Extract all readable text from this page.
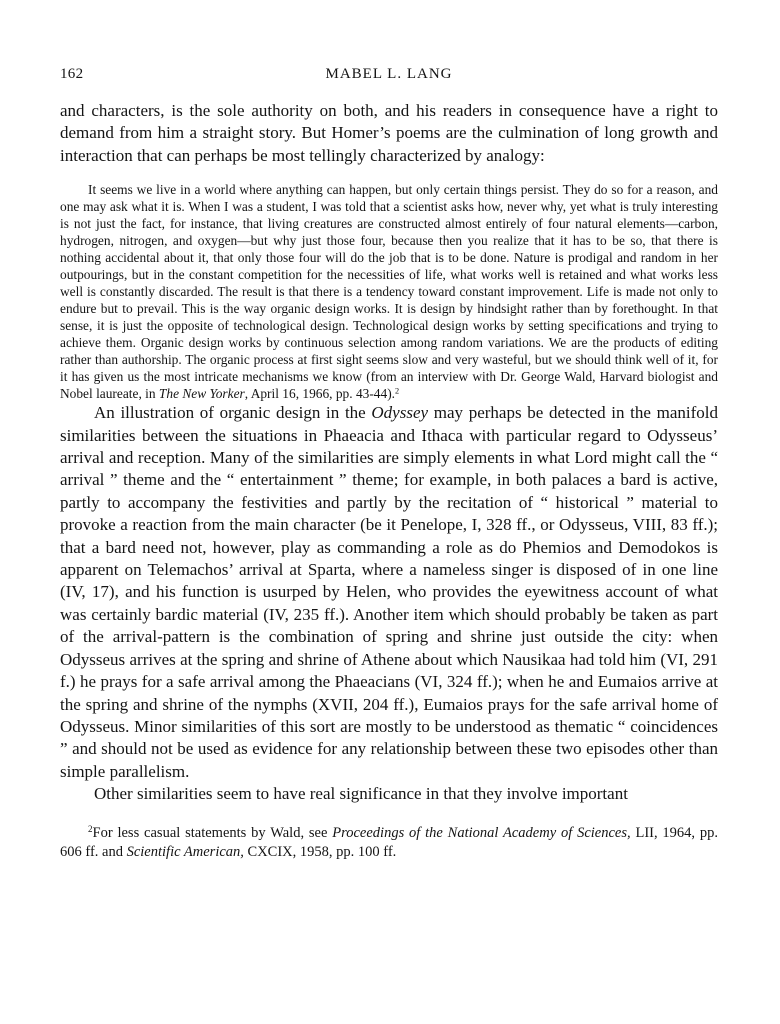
162	MABEL L. LANG

and characters, is the sole authority on both, and his readers in consequence have a right to demand from him a straight story. But Homer’s poems are the culmination of long growth and interaction that can perhaps be most tellingly characterized by analogy:

It seems we live in a world where anything can happen, but only certain things persist. They do so for a reason, and one may ask what it is. When I was a student, I was told that a scientist asks how, never why, yet what is truly interesting is not just the fact, for instance, that living creatures are constructed almost entirely of four natural elements—carbon, hydrogen, nitrogen, and oxygen—but why just those four, because then you realize that it has to be so, that there is nothing accidental about it, that only those four will do the job that is to be done. Nature is prodigal and random in her outpourings, but in the constant competition for the necessities of life, what works well is retained and what works less well is constantly discarded. The result is that there is a tendency toward constant improvement. Life is made not only to endure but to prevail. This is the way organic design works. It is design by hindsight rather than by forethought. In that sense, it is just the opposite of technological design. Technological design works by setting specifications and trying to achieve them. Organic design works by continuous selection among random variations. We are the products of editing rather than authorship. The organic process at first sight seems slow and very wasteful, but we should think well of it, for it has given us the most intricate mechanisms we know (from an interview with Dr. George Wald, Harvard biologist and Nobel laureate, in The New Yorker, April 16, 1966, pp. 43-44).$^2$

An illustration of organic design in the Odyssey may perhaps be detected in the manifold similarities between the situations in Phaeacia and Ithaca with particular regard to Odysseus’ arrival and reception. Many of the similarities are simply elements in what Lord might call the “ arrival ” theme and the “ entertainment ” theme; for example, in both palaces a bard is active, partly to accompany the festivities and partly by the recitation of “ historical ” material to provoke a reaction from the main character (be it Penelope, I, 328 ff., or Odysseus, VIII, 83 ff.); that a bard need not, however, play as commanding a role as do Phemios and Demodokos is apparent on Telemachos’ arrival at Sparta, where a nameless singer is disposed of in one line (IV, 17), and his function is usurped by Helen, who provides the eyewitness account of what was certainly bardic material (IV, 235 ff.). Another item which should probably be taken as part of the arrival-pattern is the combination of spring and shrine just outside the city: when Odysseus arrives at the spring and shrine of Athene about which Nausikaa had told him (VI, 291 f.) he prays for a safe arrival among the Phaeacians (VI, 324 ff.); when he and Eumaios arrive at the spring and shrine of the nymphs (XVII, 204 ff.), Eumaios prays for the safe arrival home of Odysseus. Minor similarities of this sort are mostly to be understood as thematic “ coincidences ” and should not be used as evidence for any relationship between these two episodes other than simple parallelism.

Other similarities seem to have real significance in that they involve important

$^2$For less casual statements by Wald, see Proceedings of the National Academy of Sciences, LII, 1964, pp. 606 ff. and Scientific American, CXCIX, 1958, pp. 100 ff.
